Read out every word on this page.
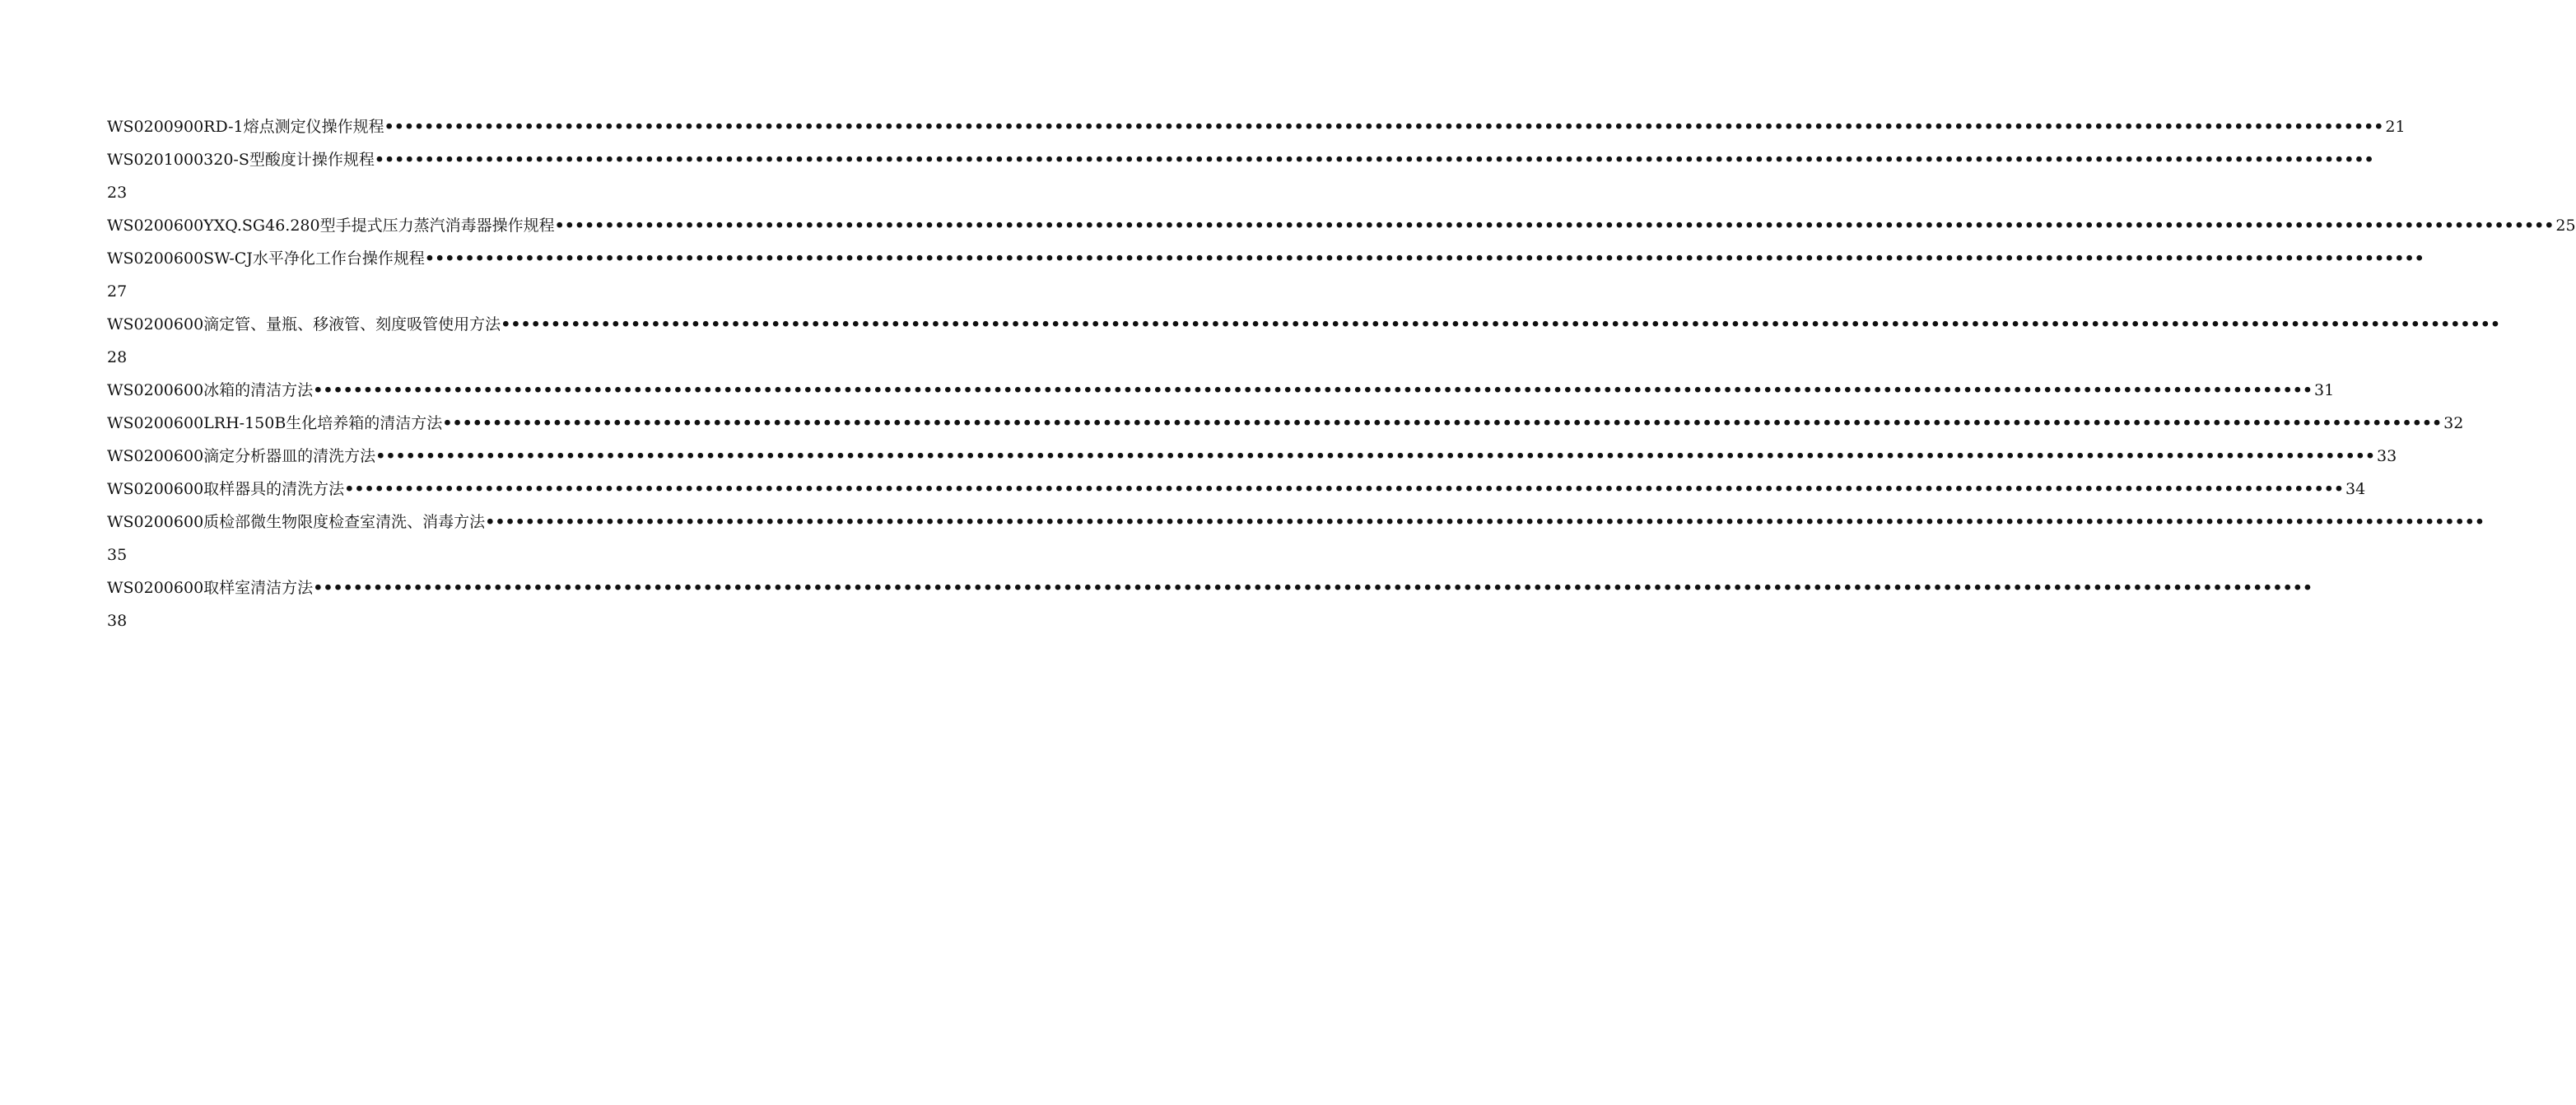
WS0200900 RD-1熔点测定仪操作规程 •••••••••••••••••••••••••••••••••••••••••••••••••••••••••••••••••••••••••••••••••••••••••••••••••••••••••••••••••••••••••••••••••••••••••••••••••••••••••••••••••••••••••••••••••••••••••••••••••••••••• 21
WS0201000 320-S型酸度计操作规程 ••••••••••••••••••••••••••••••••••••••••••••••••••••••••••••••••••••••••••••••••••••••••••••••••••••••••••••••••••••••••••••••••••••••••••••••••••••••••••••••••••••••••••••••••••••••••••••••••••••••••
23
WS0200600 YXQ.SG46.280型手提式压力蒸汽消毒器操作规程 •••••••••••••••••••••••••••••••••••••••••••••••••••••••••••••••••••••••••••••••••••••••••••••••••••••••••••••••••••••••••••••••••••••••••••••••••••••••••••••••••••••••••••••••••••••••••••••••••••••••• 25
WS0200600 SW-CJ水平净化工作台操作规程 ••••••••••••••••••••••••••••••••••••••••••••••••••••••••••••••••••••••••••••••••••••••••••••••••••••••••••••••••••••••••••••••••••••••••••••••••••••••••••••••••••••••••••••••••••••••••••••••••••••••••
27
WS0200600 滴定管、量瓶、移液管、刻度吸管使用方法 ••••••••••••••••••••••••••••••••••••••••••••••••••••••••••••••••••••••••••••••••••••••••••••••••••••••••••••••••••••••••••••••••••••••••••••••••••••••••••••••••••••••••••••••••••••••••••••••••••••••••
28
WS0200600 冰箱的清洁方法 •••••••••••••••••••••••••••••••••••••••••••••••••••••••••••••••••••••••••••••••••••••••••••••••••••••••••••••••••••••••••••••••••••••••••••••••••••••••••••••••••••••••••••••••••••••••••••••••••••••••• 31
WS0200600 LRH-150B生化培养箱的清洁方法 •••••••••••••••••••••••••••••••••••••••••••••••••••••••••••••••••••••••••••••••••••••••••••••••••••••••••••••••••••••••••••••••••••••••••••••••••••••••••••••••••••••••••••••••••••••••••••••••••••••••• 32
WS0200600 滴定分析器皿的清洗方法 •••••••••••••••••••••••••••••••••••••••••••••••••••••••••••••••••••••••••••••••••••••••••••••••••••••••••••••••••••••••••••••••••••••••••••••••••••••••••••••••••••••••••••••••••••••••••••••••••••••••• 33
WS0200600 取样器具的清洗方法 •••••••••••••••••••••••••••••••••••••••••••••••••••••••••••••••••••••••••••••••••••••••••••••••••••••••••••••••••••••••••••••••••••••••••••••••••••••••••••••••••••••••••••••••••••••••••••••••••••••••• 34
WS0200600 质检部微生物限度检查室清洗、消毒方法 ••••••••••••••••••••••••••••••••••••••••••••••••••••••••••••••••••••••••••••••••••••••••••••••••••••••••••••••••••••••••••••••••••••••••••••••••••••••••••••••••••••••••••••••••••••••••••••••••••••••••
35
WS0200600 取样室清洁方法 ••••••••••••••••••••••••••••••••••••••••••••••••••••••••••••••••••••••••••••••••••••••••••••••••••••••••••••••••••••••••••••••••••••••••••••••••••••••••••••••••••••••••••••••••••••••••••••••••••••••••
38
